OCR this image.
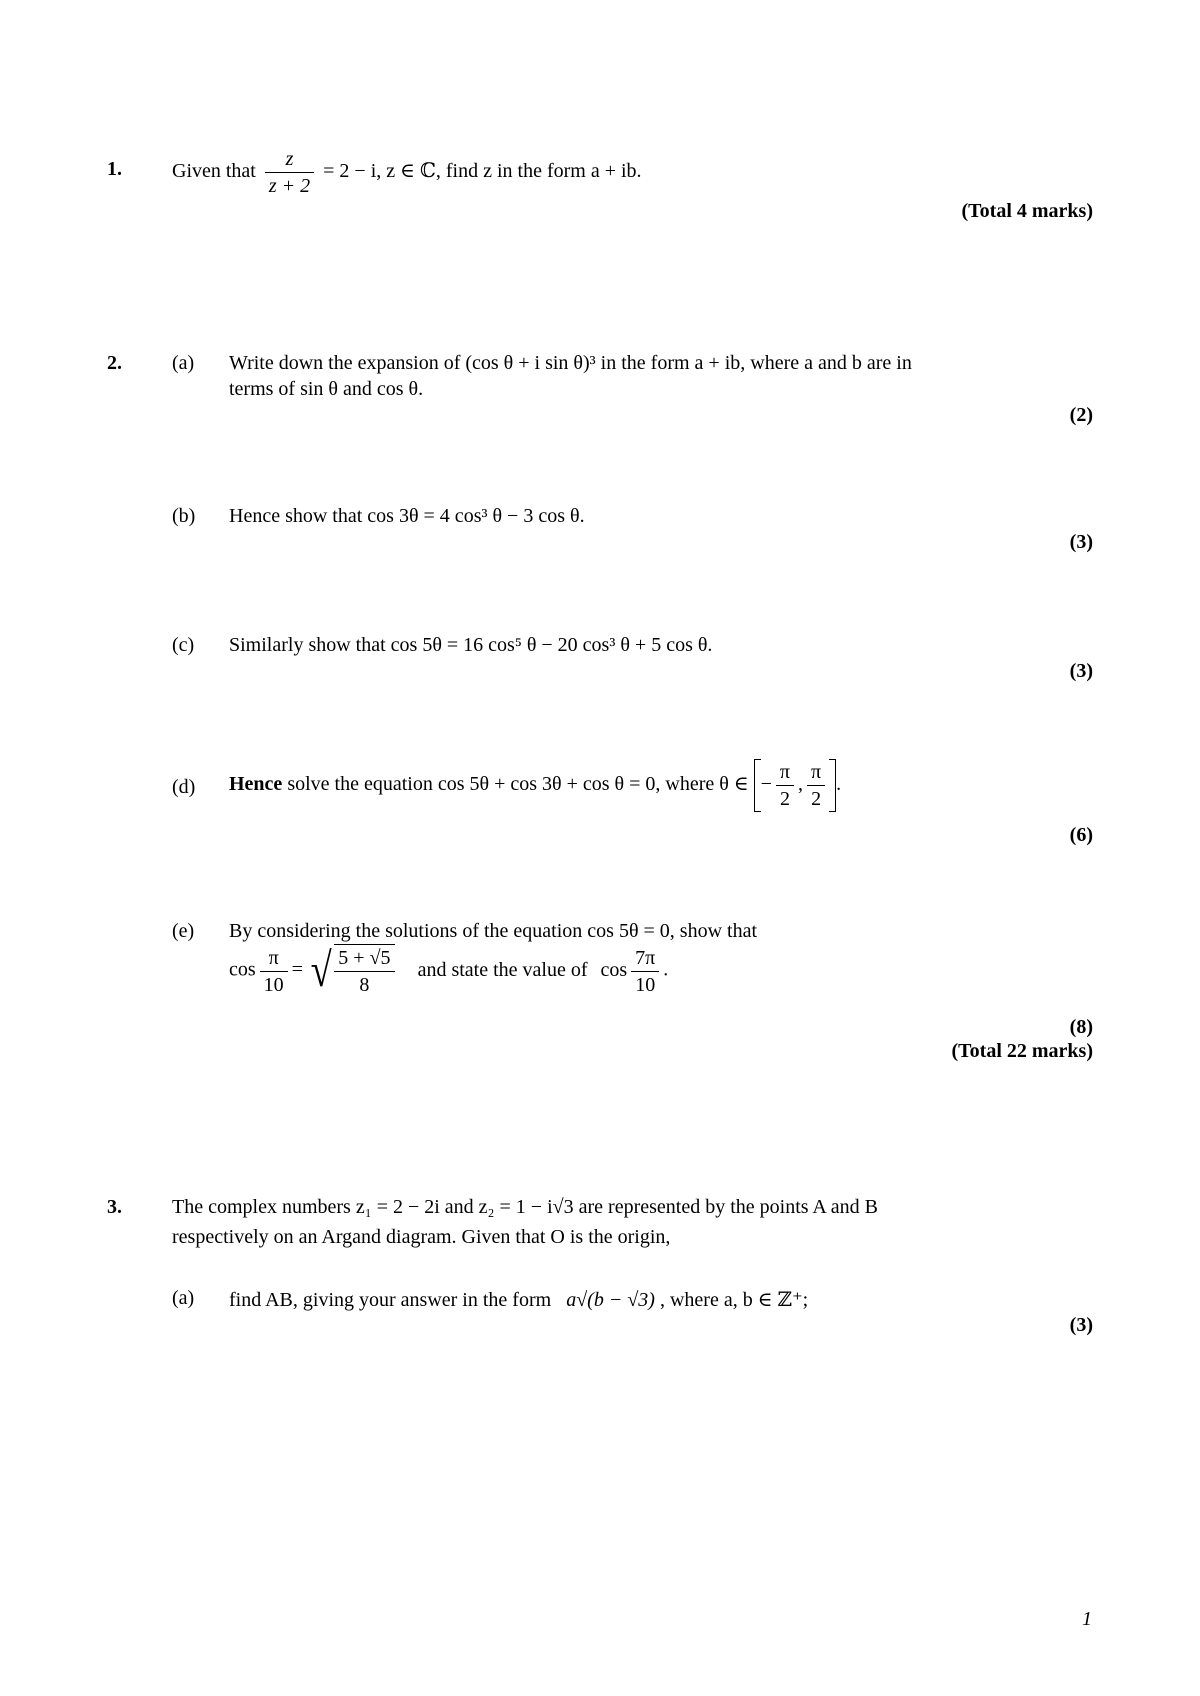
1.	Given that $\frac{z}{z + 2} = 2 - i$, z ∈ ℂ, find z in the form a + ib.
(Total 4 marks)
2.	(a) Write down the expansion of (cos θ + i sin θ)³ in the form a + ib, where a and b are in
terms of sin θ and cos θ.
(2)
(b) Hence show that cos 3θ = 4 cos³ θ − 3 cos θ.
(3)
(c) Similarly show that cos 5θ = 16 cos⁵ θ − 20 cos³ θ + 5 cos θ.
(3)
(d) Hence solve the equation cos 5θ + cos 3θ + cos θ = 0, where θ ∈ − $\frac{\pi}{2}$ , $\frac{\pi}{2}$ .
(6)
(e) By considering the solutions of the equation cos 5θ = 0, show that
$\cos \frac{\pi}{10}$ = √ $\frac{5 + √5}{8}$ and state the value of $\cos \frac{7\pi}{10}$ .
(8)
(Total 22 marks)
3.	The complex numbers z₁ = 2 − 2i and z₂ = 1 − i√3 are represented by the points A and B
respectively on an Argand diagram. Given that O is the origin,
(a) find AB, giving your answer in the form a√(b − √3) , where a, b ∈ ℤ⁺;
(3)
1
